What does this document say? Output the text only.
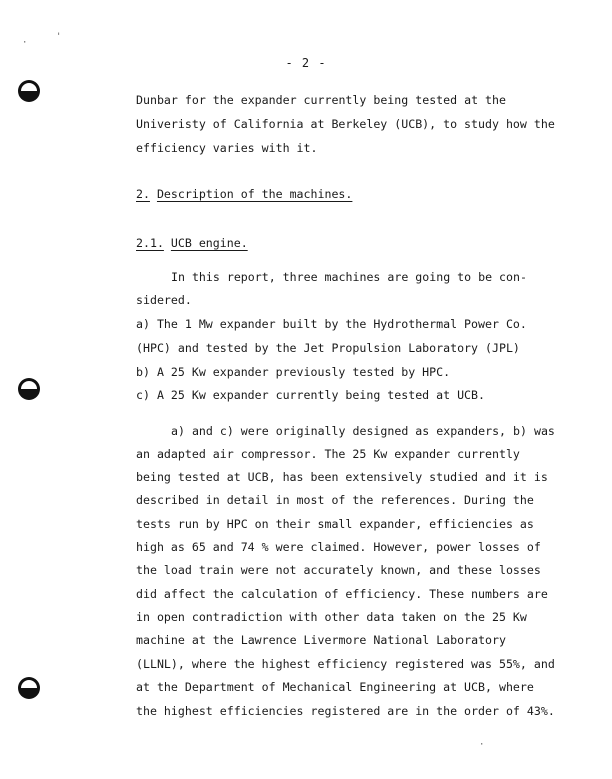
·
'
·
- 2 -
Dunbar for the expander currently being tested at the
Univeristy of California at Berkeley (UCB), to study how the
efficiency varies with it.
2. Description of the machines.
2.1. UCB engine.
In this report, three machines are going to be con-
sidered.
a) The 1 Mw expander built by the Hydrothermal Power Co.
(HPC) and tested by the Jet Propulsion Laboratory (JPL)
b) A 25 Kw expander previously tested by HPC.
c) A 25 Kw expander currently being tested at UCB.
a) and c) were originally designed as expanders, b) was
an adapted air compressor. The 25 Kw expander currently
being tested at UCB, has been extensively studied and it is
described in detail in most of the references. During the
tests run by HPC on their small expander, efficiencies as
high as 65 and 74 % were claimed. However, power losses of
the load train were not accurately known, and these losses
did affect the calculation of efficiency. These numbers are
in open contradiction with other data taken on the 25 Kw
machine at the Lawrence Livermore National Laboratory
(LLNL), where the highest efficiency registered was 55%, and
at the Department of Mechanical Engineering at UCB, where
the highest efficiencies registered are in the order of 43%.
